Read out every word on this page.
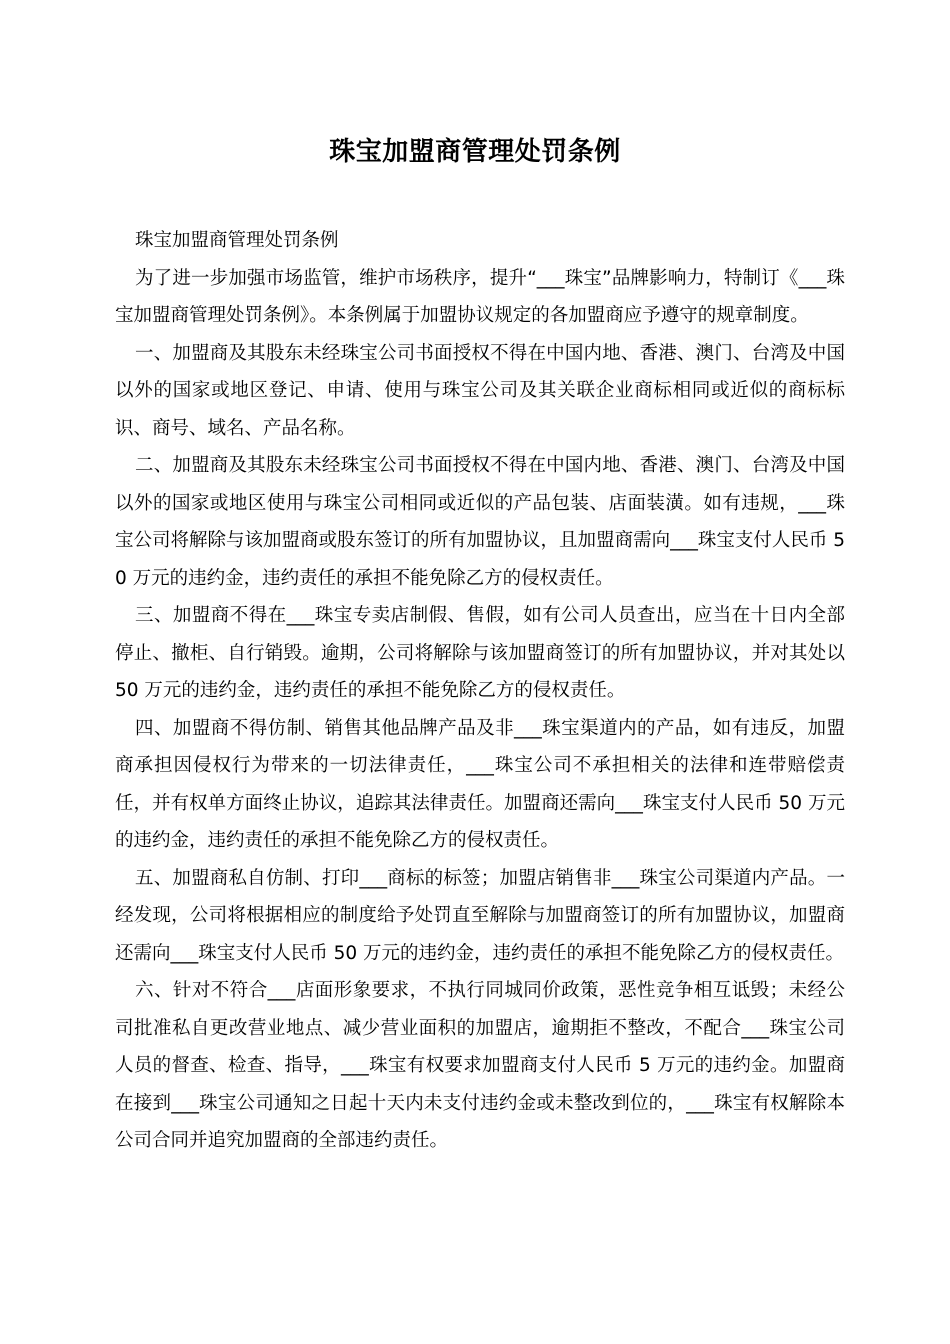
珠宝加盟商管理处罚条例

珠宝加盟商管理处罚条例

为了进一步加强市场监管，维护市场秩序，提升“___珠宝”品牌影响力，特制订《___珠宝加盟商管理处罚条例》。本条例属于加盟协议规定的各加盟商应予遵守的规章制度。

一、加盟商及其股东未经珠宝公司书面授权不得在中国内地、香港、澳门、台湾及中国以外的国家或地区登记、申请、使用与珠宝公司及其关联企业商标相同或近似的商标标识、商号、域名、产品名称。

二、加盟商及其股东未经珠宝公司书面授权不得在中国内地、香港、澳门、台湾及中国以外的国家或地区使用与珠宝公司相同或近似的产品包装、店面装潢。如有违规，___珠宝公司将解除与该加盟商或股东签订的所有加盟协议，且加盟商需向___珠宝支付人民币 50 万元的违约金，违约责任的承担不能免除乙方的侵权责任。

三、加盟商不得在___珠宝专卖店制假、售假，如有公司人员查出，应当在十日内全部停止、撤柜、自行销毁。逾期，公司将解除与该加盟商签订的所有加盟协议，并对其处以 50 万元的违约金，违约责任的承担不能免除乙方的侵权责任。

四、加盟商不得仿制、销售其他品牌产品及非___珠宝渠道内的产品，如有违反，加盟商承担因侵权行为带来的一切法律责任，___珠宝公司不承担相关的法律和连带赔偿责任，并有权单方面终止协议，追踪其法律责任。加盟商还需向___珠宝支付人民币 50 万元的违约金，违约责任的承担不能免除乙方的侵权责任。

五、加盟商私自仿制、打印___商标的标签；加盟店销售非___珠宝公司渠道内产品。一经发现，公司将根据相应的制度给予处罚直至解除与加盟商签订的所有加盟协议，加盟商还需向___珠宝支付人民币 50 万元的违约金，违约责任的承担不能免除乙方的侵权责任。

六、针对不符合___店面形象要求，不执行同城同价政策，恶性竞争相互诋毁；未经公司批准私自更改营业地点、减少营业面积的加盟店，逾期拒不整改，不配合___珠宝公司人员的督查、检查、指导，___珠宝有权要求加盟商支付人民币 5 万元的违约金。加盟商在接到___珠宝公司通知之日起十天内未支付违约金或未整改到位的，___珠宝有权解除本公司合同并追究加盟商的全部违约责任。
